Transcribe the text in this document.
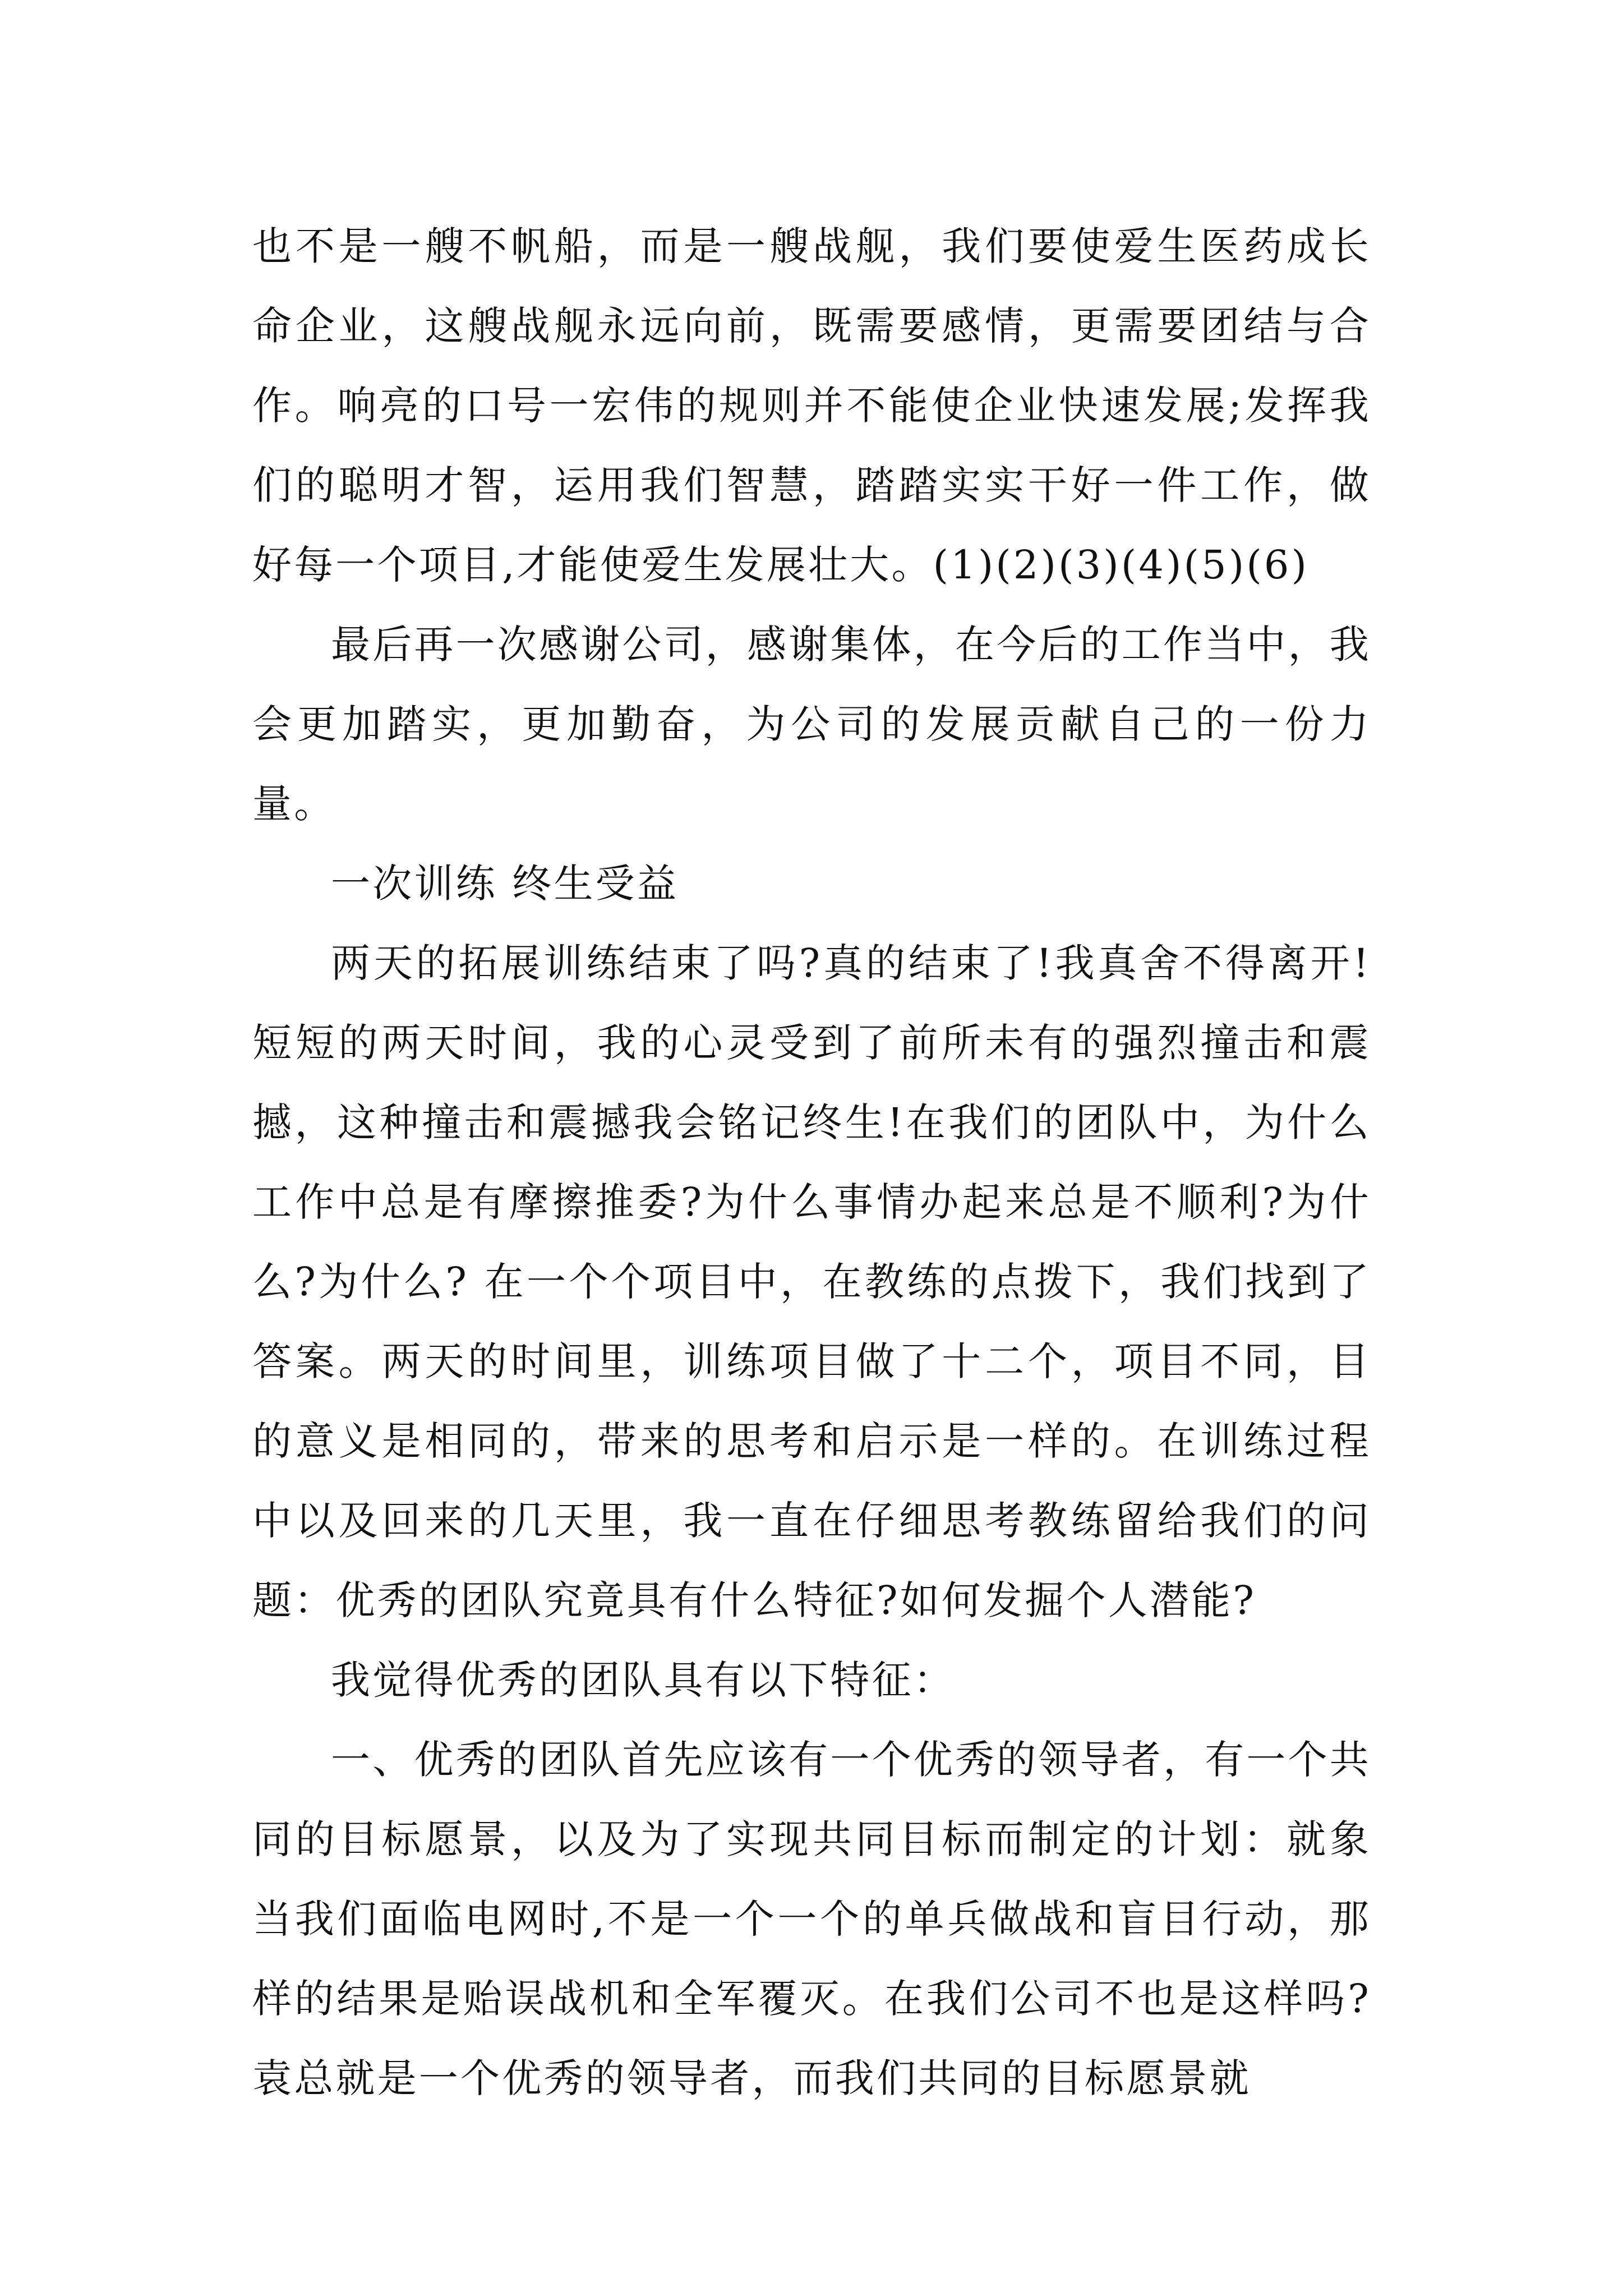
也不是一艘不帆船，而是一艘战舰，我们要使爱生医药成长命企业，这艘战舰永远向前，既需要感情，更需要团结与合作。响亮的口号一宏伟的规则并不能使企业快速发展;发挥我们的聪明才智，运用我们智慧，踏踏实实干好一件工作，做好每一个项目,才能使爱生发展壮大。(1)(2)(3)(4)(5)(6)

最后再一次感谢公司，感谢集体，在今后的工作当中，我会更加踏实，更加勤奋，为公司的发展贡献自己的一份力量。

一次训练 终生受益

两天的拓展训练结束了吗?真的结束了!我真舍不得离开!短短的两天时间，我的心灵受到了前所未有的强烈撞击和震撼，这种撞击和震撼我会铭记终生!在我们的团队中，为什么工作中总是有摩擦推委?为什么事情办起来总是不顺利?为什么?为什么? 在一个个项目中，在教练的点拨下，我们找到了答案。两天的时间里，训练项目做了十二个，项目不同，目的意义是相同的，带来的思考和启示是一样的。在训练过程中以及回来的几天里，我一直在仔细思考教练留给我们的问题：优秀的团队究竟具有什么特征?如何发掘个人潜能?

我觉得优秀的团队具有以下特征：

一、优秀的团队首先应该有一个优秀的领导者，有一个共同的目标愿景，以及为了实现共同目标而制定的计划：就象当我们面临电网时,不是一个一个的单兵做战和盲目行动，那样的结果是贻误战机和全军覆灭。在我们公司不也是这样吗?袁总就是一个优秀的领导者，而我们共同的目标愿景就
